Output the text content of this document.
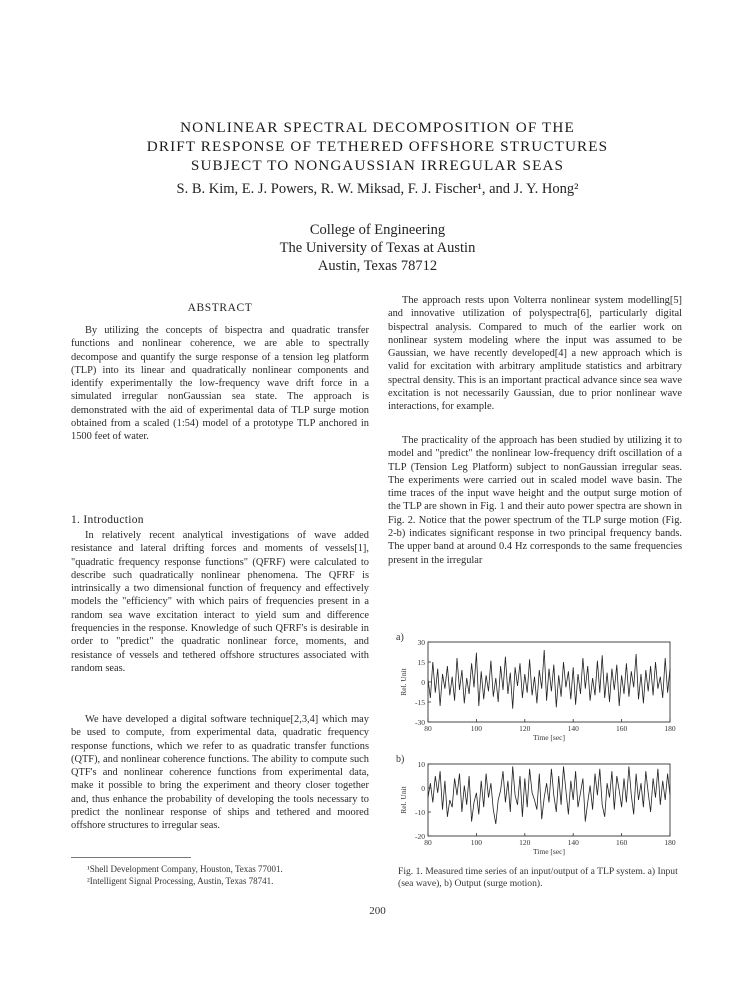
NONLINEAR SPECTRAL DECOMPOSITION OF THE
DRIFT RESPONSE OF TETHERED OFFSHORE STRUCTURES
SUBJECT TO NONGAUSSIAN IRREGULAR SEAS
S. B. Kim, E. J. Powers, R. W. Miksad, F. J. Fischer¹, and J. Y. Hong²
College of Engineering
The University of Texas at Austin
Austin, Texas 78712
ABSTRACT

By utilizing the concepts of bispectra and quadratic transfer functions and nonlinear coherence, we are able to spectrally decompose and quantify the surge response of a tension leg platform (TLP) into its linear and quadratically nonlinear components and identify experimentally the low-frequency wave drift force in a simulated irregular nonGaussian sea state. The approach is demonstrated with the aid of experimental data of TLP surge motion obtained from a scaled (1:54) model of a prototype TLP anchored in 1500 feet of water.

1. Introduction

In relatively recent analytical investigations of wave added resistance and lateral drifting forces and moments of vessels[1], "quadratic frequency response functions" (QFRF) were calculated to describe such quadratically nonlinear phenomena. The QFRF is intrinsically a two dimensional function of frequency and effectively models the "efficiency" with which pairs of frequencies present in a random sea wave excitation interact to yield sum and difference frequencies in the response. Knowledge of such QFRF's is desirable in order to "predict" the quadratic nonlinear force, moments, and resistance of vessels and tethered offshore structures associated with random seas.

We have developed a digital software technique[2,3,4] which may be used to compute, from experimental data, quadratic frequency response functions, which we refer to as quadratic transfer functions (QTF), and nonlinear coherence functions. The ability to compute such QTF's and nonlinear coherence functions from experimental data, make it possible to bring the experiment and theory closer together and, thus enhance the probability of developing the tools necessary to predict the nonlinear response of ships and tethered and moored offshore structures to irregular seas.

¹Shell Development Company, Houston, Texas 77001.
²Intelligent Signal Processing, Austin, Texas 78741.

The approach rests upon Volterra nonlinear system modelling[5] and innovative utilization of polyspectra[6], particularly digital bispectral analysis. Compared to much of the earlier work on nonlinear system modeling where the input was assumed to be Gaussian, we have recently developed[4] a new approach which is valid for excitation with arbitrary amplitude statistics and arbitrary spectral density. This is an important practical advance since sea wave excitation is not necessarily Gaussian, due to prior nonlinear wave interactions, for example.

The practicality of the approach has been studied by utilizing it to model and "predict" the nonlinear low-frequency drift oscillation of a TLP (Tension Leg Platform) subject to nonGaussian irregular seas. The experiments were carried out in scaled model wave basin. The time traces of the input wave height and the output surge motion of the TLP are shown in Fig. 1 and their auto power spectra are shown in Fig. 2. Notice that the power spectrum of the TLP surge motion (Fig. 2-b) indicates significant response in two principal frequency bands. The upper band at around 0.4 Hz corresponds to the same frequencies present in the irregular

a)
-30
-15
0
15
30
80	100	120	140	160	180
Time [sec]
Rel. Unit
b)
-20
-10
0
10
80	100	120	140	160	180
Time [sec]
Rel. Unit
Fig. 1. Measured time series of an input/output of a TLP system. a) Input (sea wave), b) Output (surge motion).
200
